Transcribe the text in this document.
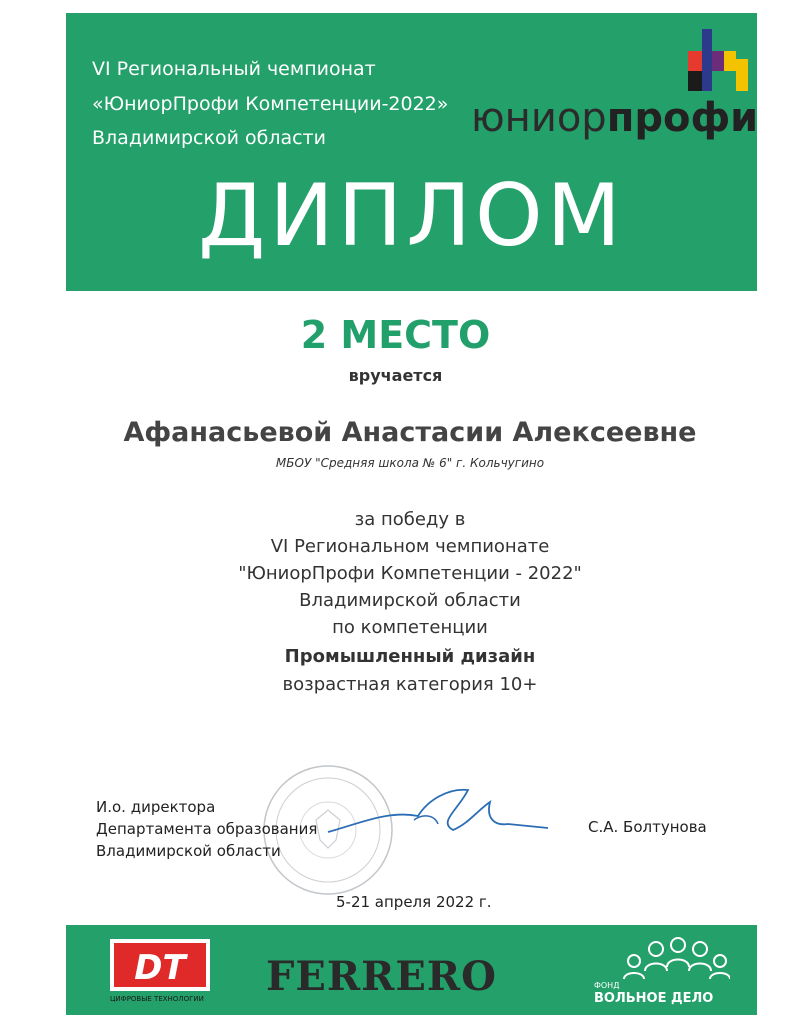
VI Региональный чемпионат
«ЮниорПрофи Компетенции-2022»
Владимирской области	юниорпрофи
ДИПЛОМ
2 МЕСТО
вручается
Афанасьевой Анастасии Алексеевне
МБОУ "Средняя школа № 6" г. Кольчугино
за победу в
VI Региональном чемпионате
"ЮниорПрофи Компетенции - 2022"
Владимирской области
по компетенции
Промышленный дизайн
возрастная категория 10+
И.о. директора
Департамента образования
Владимирской области
С.А. Болтунова
5-21 апреля 2022 г.
DT
ЦИФРОВЫЕ ТЕХНОЛОГИИ FERRERO	ФОНД
ВОЛЬНОЕ ДЕЛО
